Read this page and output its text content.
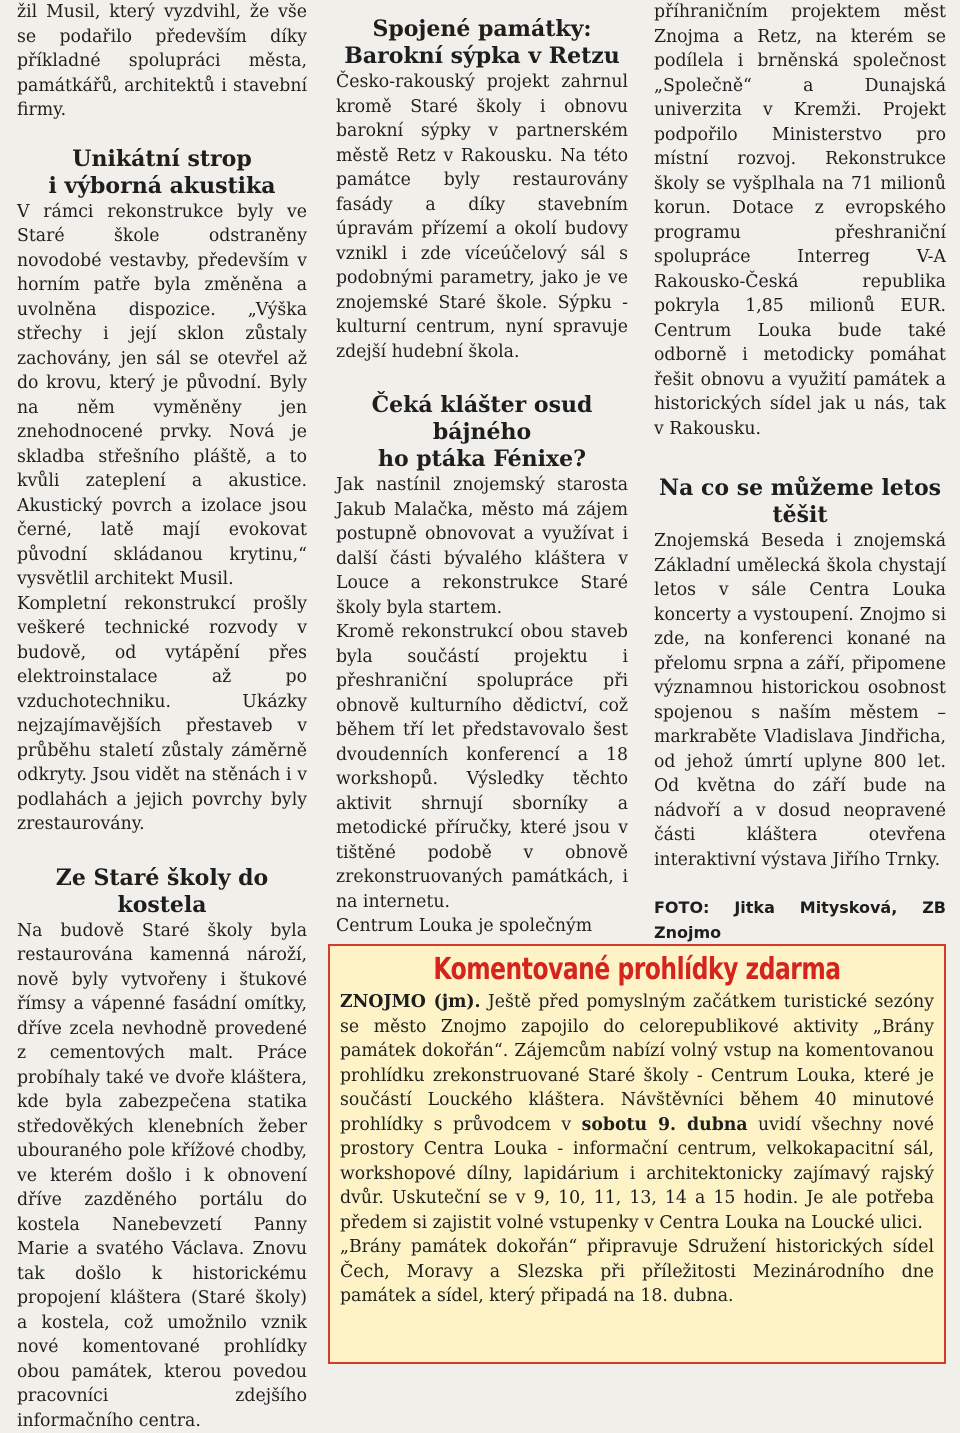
žil Musil, který vyzdvihl, že vše se podařilo především díky příkladné spolupráci města, památkářů, architektů i stavební firmy.

Unikátní strop
i výborná akustika

V rámci rekonstrukce byly ve Staré škole odstraněny novodobé vestavby, především v horním patře byla změněna a uvolněna dispozice. „Výška střechy i její sklon zůstaly zachovány, jen sál se otevřel až do krovu, který je původní. Byly na něm vyměněny jen znehodnocené prvky. Nová je skladba střešního pláště, a to kvůli zateplení a akustice. Akustický povrch a izolace jsou černé, latě mají evokovat původní skládanou krytinu,“ vysvětlil architekt Musil.

Kompletní rekonstrukcí prošly veškeré technické rozvody v budově, od vytápění přes elektroinstalace až po vzduchotechniku. Ukázky nejzajímavějších přestaveb v průběhu staletí zůstaly záměrně odkryty. Jsou vidět na stěnách i v podlahách a jejich povrchy byly zrestaurovány.

Ze Staré školy do kostela

Na budově Staré školy byla restaurována kamenná nároží, nově byly vytvořeny i štukové římsy a vápenné fasádní omítky, dříve zcela nevhodně provedené z cementových malt. Práce probíhaly také ve dvoře kláštera, kde byla zabezpečena statika středověkých klenebních žeber ubouraného pole křížové chodby, ve kterém došlo i k obnovení dříve zazděného portálu do kostela Nanebevzetí Panny Marie a svatého Václava. Znovu tak došlo k historickému propojení kláštera (Staré školy) a kostela, což umožnilo vznik nové komentované prohlídky obou památek, kterou povedou pracovníci zdejšího informačního centra.

Spojené památky:
Barokní sýpka v Retzu

Česko-rakouský projekt zahrnul kromě Staré školy i obnovu barokní sýpky v partnerském městě Retz v Rakousku. Na této památce byly restaurovány fasády a díky stavebním úpravám přízemí a okolí budovy vznikl i zde víceúčelový sál s podobnými parametry, jako je ve znojemské Staré škole. Sýpku - kulturní centrum, nyní spravuje zdejší hudební škola.

Čeká klášter osud bájného
ho ptáka Fénixe?

Jak nastínil znojemský starosta Jakub Malačka, město má zájem postupně obnovovat a využívat i další části bývalého kláštera v Louce a rekonstrukce Staré školy byla startem.

Kromě rekonstrukcí obou staveb byla součástí projektu i přeshraniční spolupráce při obnově kulturního dědictví, což během tří let představovalo šest dvoudenních konferencí a 18 workshopů. Výsledky těchto aktivit shrnují sborníky a metodické příručky, které jsou v tištěné podobě v obnově zrekonstruovaných památkách, i na internetu.

Centrum Louka je společným

příhraničním projektem měst Znojma a Retz, na kterém se podílela i brněnská společnost „Společně“ a Dunajská univerzita v Kremži. Projekt podpořilo Ministerstvo pro místní rozvoj. Rekonstrukce školy se vyšplhala na 71 milionů korun. Dotace z evropského programu přeshraniční spolupráce Interreg V-A Rakousko-Česká republika pokryla 1,85 milionů EUR. Centrum Louka bude také odborně i metodicky pomáhat řešit obnovu a využití památek a historických sídel jak u nás, tak v Rakousku.

Na co se můžeme letos
těšit

Znojemská Beseda i znojemská Základní umělecká škola chystají letos v sále Centra Louka koncerty a vystoupení. Znojmo si zde, na konferenci konané na přelomu srpna a září, připomene významnou historickou osobnost spojenou s naším městem – markraběte Vladislava Jindřicha, od jehož úmrtí uplyne 800 let. Od května do září bude na nádvoří a v dosud neopravené části kláštera otevřena interaktivní výstava Jiřího Trnky.

FOTO: Jitka Mitysková, ZB Znojmo

Komentované prohlídky zdarma

ZNOJMO (jm). Ještě před pomyslným začátkem turistické sezóny se město Znojmo zapojilo do celorepublikové aktivity „Brány památek dokořán“. Zájemcům nabízí volný vstup na komentovanou prohlídku zrekonstruované Staré školy - Centrum Louka, které je součástí Louckého kláštera. Návštěvníci během 40 minutové prohlídky s průvodcem v sobotu 9. dubna uvidí všechny nové prostory Centra Louka - informační centrum, velkokapacitní sál, workshopové dílny, lapidárium i architektonicky zajímavý rajský dvůr. Uskuteční se v 9, 10, 11, 13, 14 a 15 hodin. Je ale potřeba předem si zajistit volné vstupenky v Centra Louka na Loucké ulici.

„Brány památek dokořán“ připravuje Sdružení historických sídel Čech, Moravy a Slezska při příležitosti Mezinárodního dne památek a sídel, který připadá na 18. dubna.
